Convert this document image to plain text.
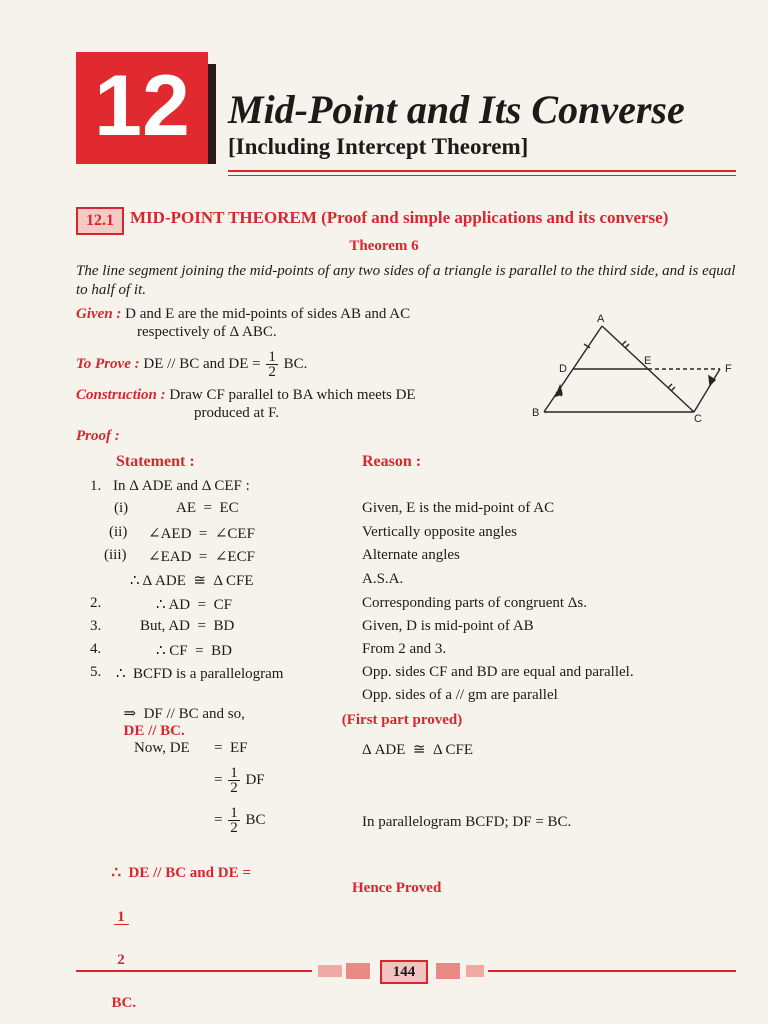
12 Mid-Point and Its Converse
[Including Intercept Theorem]
12.1 MID-POINT THEOREM (Proof and simple applications and its converse)
Theorem 6
The line segment joining the mid-points of any two sides of a triangle is parallel to the third side, and is equal to half of it.
Given : D and E are the mid-points of sides AB and AC
respectively of Δ ABC.
To Prove : DE // BC and DE = $\frac{1}{2}$ BC.
Construction : Draw CF parallel to BA which meets DE
produced at F.
A
B	C
D
E
F
Proof :
Statement :	Reason :
1. In Δ ADE and Δ CEF :
(i)	AE  =  EC	Given, E is the mid-point of AC
(ii) ∠AED  =  ∠CEF	Vertically opposite angles
(iii) ∠EAD  =  ∠ECF	Alternate angles
∴ Δ ADE  ≅  Δ CFE	A.S.A.
2.	∴ AD  =  CF	Corresponding parts of congruent Δs.
3.	But, AD  =  BD	Given, D is mid-point of AB
4.	∴ CF  =  BD	From 2 and 3.
5. ∴  BCFD is a parallelogram	Opp. sides CF and BD are equal and parallel.

⇒  DF // BC and so,
DE // BC.

Opp. sides of a // gm are parallel
(First part proved)
Now, DE =  EF	Δ ADE  ≅  Δ CFE
= $\frac{1}{2}$ DF
= $\frac{1}{2}$ BC	In parallelogram BCFD; DF = BC.

∴  DE // BC and DE =

$\frac{1}{2}$

BC.

Hence Proved
144
